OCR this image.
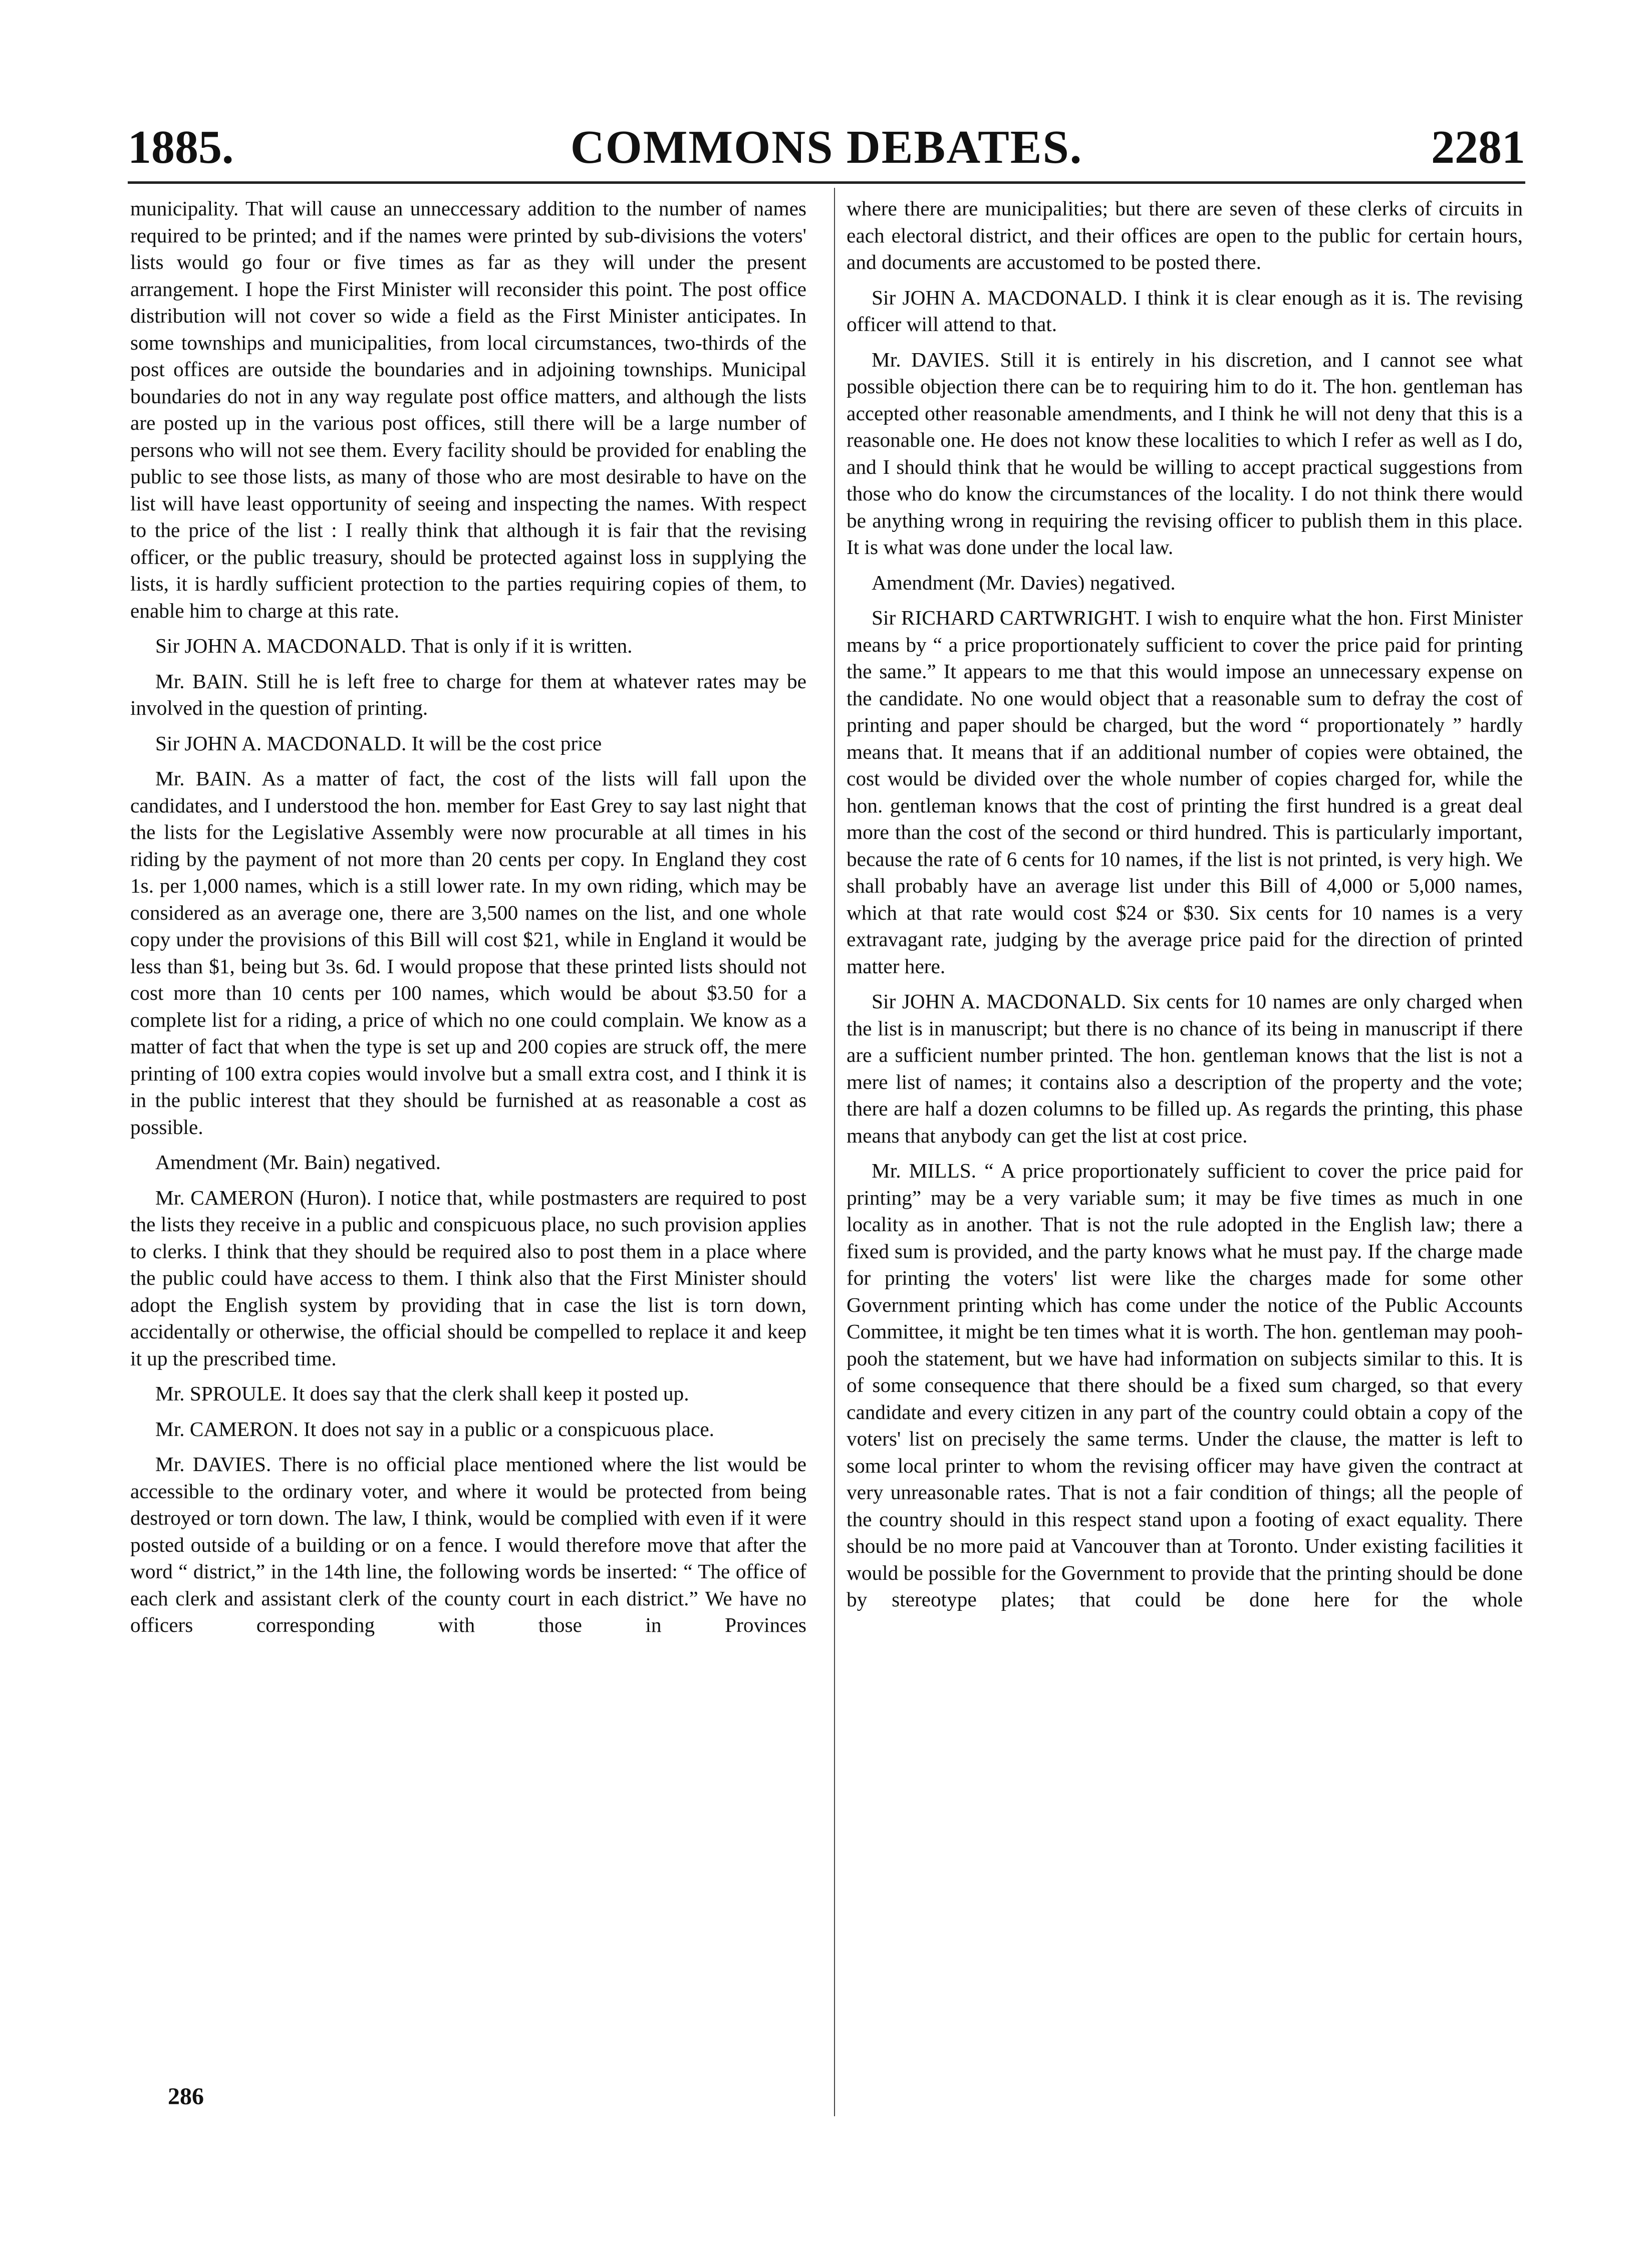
1885.	COMMONS DEBATES.	2281

municipality. That will cause an unneccessary addition to the number of names required to be printed; and if the names were printed by sub-divisions the voters' lists would go four or five times as far as they will under the present arrangement. I hope the First Minister will reconsider this point. The post office distribution will not cover so wide a field as the First Minister anticipates. In some townships and municipalities, from local circumstances, two-thirds of the post offices are outside the boundaries and in adjoining townships. Municipal boundaries do not in any way regulate post office matters, and although the lists are posted up in the various post offices, still there will be a large number of persons who will not see them. Every facility should be provided for enabling the public to see those lists, as many of those who are most desirable to have on the list will have least opportunity of seeing and inspecting the names. With respect to the price of the list : I really think that although it is fair that the revising officer, or the public treasury, should be protected against loss in supplying the lists, it is hardly sufficient protection to the parties requiring copies of them, to enable him to charge at this rate.

Sir JOHN A. MACDONALD. That is only if it is written.

Mr. BAIN. Still he is left free to charge for them at whatever rates may be involved in the question of printing.

Sir JOHN A. MACDONALD. It will be the cost price

Mr. BAIN. As a matter of fact, the cost of the lists will fall upon the candidates, and I understood the hon. member for East Grey to say last night that the lists for the Legislative Assembly were now procurable at all times in his riding by the payment of not more than 20 cents per copy. In England they cost 1s. per 1,000 names, which is a still lower rate. In my own riding, which may be considered as an average one, there are 3,500 names on the list, and one whole copy under the provisions of this Bill will cost $21, while in England it would be less than $1, being but 3s. 6d. I would propose that these printed lists should not cost more than 10 cents per 100 names, which would be about $3.50 for a complete list for a riding, a price of which no one could complain. We know as a matter of fact that when the type is set up and 200 copies are struck off, the mere printing of 100 extra copies would involve but a small extra cost, and I think it is in the public interest that they should be furnished at as reasonable a cost as possible.

Amendment (Mr. Bain) negatived.

Mr. CAMERON (Huron). I notice that, while postmasters are required to post the lists they receive in a public and conspicuous place, no such provision applies to clerks. I think that they should be required also to post them in a place where the public could have access to them. I think also that the First Minister should adopt the English system by providing that in case the list is torn down, accidentally or otherwise, the official should be compelled to replace it and keep it up the prescribed time.

Mr. SPROULE. It does say that the clerk shall keep it posted up.

Mr. CAMERON. It does not say in a public or a conspicuous place.

Mr. DAVIES. There is no official place mentioned where the list would be accessible to the ordinary voter, and where it would be protected from being destroyed or torn down. The law, I think, would be complied with even if it were posted outside of a building or on a fence. I would therefore move that after the word “ district,” in the 14th line, the following words be inserted: “ The office of each clerk and assistant clerk of the county court in each district.” We have no officers corresponding with those in Provinces

where there are municipalities; but there are seven of these clerks of circuits in each electoral district, and their offices are open to the public for certain hours, and documents are accustomed to be posted there.

Sir JOHN A. MACDONALD. I think it is clear enough as it is. The revising officer will attend to that.

Mr. DAVIES. Still it is entirely in his discretion, and I cannot see what possible objection there can be to requiring him to do it. The hon. gentleman has accepted other reasonable amendments, and I think he will not deny that this is a reasonable one. He does not know these localities to which I refer as well as I do, and I should think that he would be willing to accept practical suggestions from those who do know the circumstances of the locality. I do not think there would be anything wrong in requiring the revising officer to publish them in this place. It is what was done under the local law.

Amendment (Mr. Davies) negatived.

Sir RICHARD CARTWRIGHT. I wish to enquire what the hon. First Minister means by “ a price proportionately sufficient to cover the price paid for printing the same.” It appears to me that this would impose an unnecessary expense on the candidate. No one would object that a reasonable sum to defray the cost of printing and paper should be charged, but the word “ proportionately ” hardly means that. It means that if an additional number of copies were obtained, the cost would be divided over the whole number of copies charged for, while the hon. gentleman knows that the cost of printing the first hundred is a great deal more than the cost of the second or third hundred. This is particularly important, because the rate of 6 cents for 10 names, if the list is not printed, is very high. We shall probably have an average list under this Bill of 4,000 or 5,000 names, which at that rate would cost $24 or $30. Six cents for 10 names is a very extravagant rate, judging by the average price paid for the direction of printed matter here.

Sir JOHN A. MACDONALD. Six cents for 10 names are only charged when the list is in manuscript; but there is no chance of its being in manuscript if there are a sufficient number printed. The hon. gentleman knows that the list is not a mere list of names; it contains also a description of the property and the vote; there are half a dozen columns to be filled up. As regards the printing, this phase means that anybody can get the list at cost price.

Mr. MILLS. “ A price proportionately sufficient to cover the price paid for printing” may be a very variable sum; it may be five times as much in one locality as in another. That is not the rule adopted in the English law; there a fixed sum is provided, and the party knows what he must pay. If the charge made for printing the voters' list were like the charges made for some other Government printing which has come under the notice of the Public Accounts Committee, it might be ten times what it is worth. The hon. gentleman may pooh-pooh the statement, but we have had information on subjects similar to this. It is of some consequence that there should be a fixed sum charged, so that every candidate and every citizen in any part of the country could obtain a copy of the voters' list on precisely the same terms. Under the clause, the matter is left to some local printer to whom the revising officer may have given the contract at very unreasonable rates. That is not a fair condition of things; all the people of the country should in this respect stand upon a footing of exact equality. There should be no more paid at Vancouver than at Toronto. Under existing facilities it would be possible for the Government to provide that the printing should be done by stereotype plates; that could be done here for the whole

286
